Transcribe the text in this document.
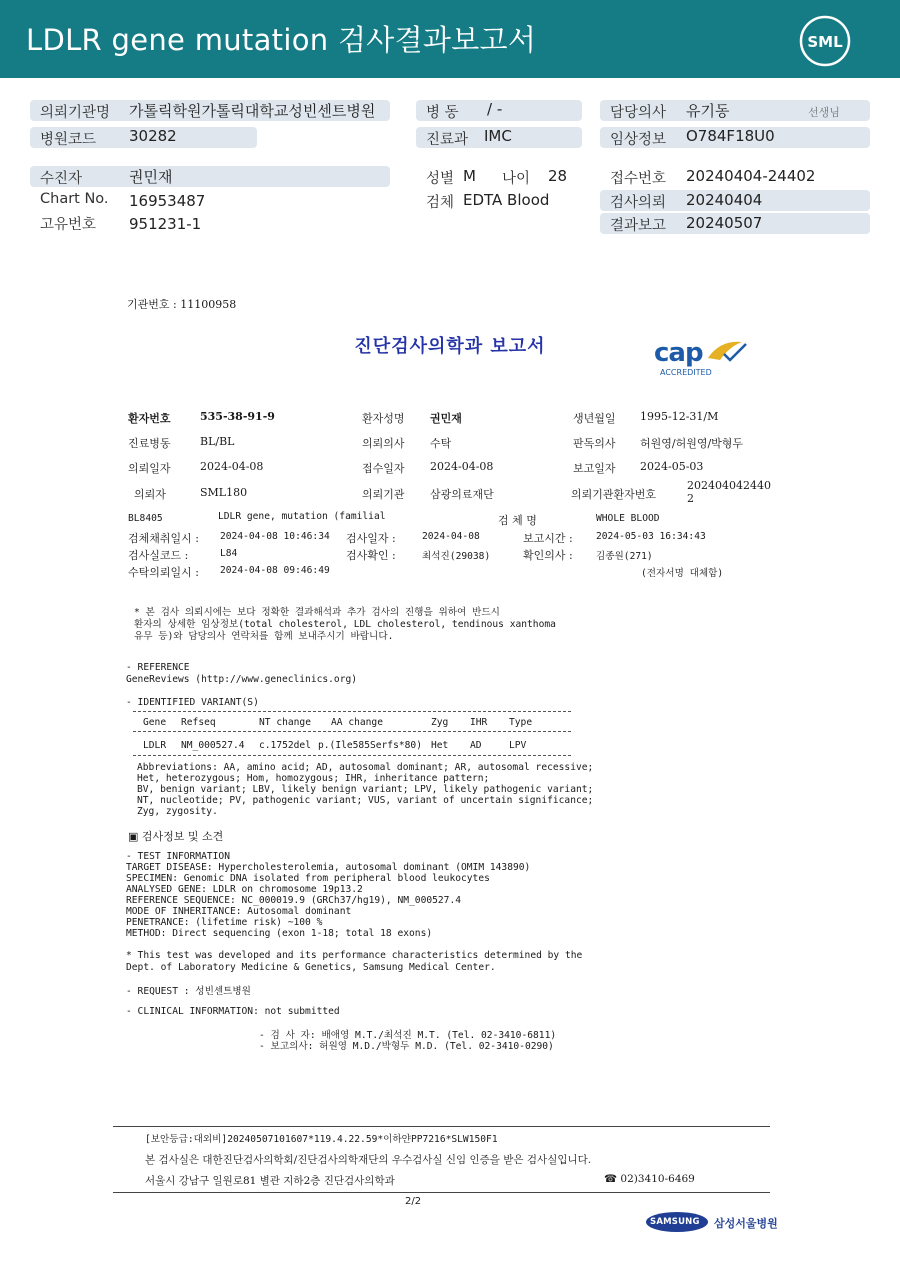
LDLR gene mutation 검사결과보고서	SML
의뢰기관명 가톨릭학원가톨릭대학교성빈센트병원	병 동 / -	담당의사 유기동	선생님
병원코드 30282	진료과 IMC	임상정보 O784F18U0
수진자	권민재	성별 M 나이 28	접수번호 20240404-24402
Chart No. 16953487	검체 EDTA Blood	검사의뢰 20240404
고유번호 951231-1	결과보고 20240507
기관번호 : 11100958
진단검사의학과 보고서	cap
ACCREDITED
환자번호	535-38-91-9	환자성명 권민재	생년월일 1995-12-31/M
진료병동	BL/BL	의뢰의사 수탁	판독의사 허원영/허원영/박형두
의뢰일자	2024-04-08	접수일자 2024-04-08	보고일자 2024-05-03
의뢰자	SML180	의뢰기관 삼광의료재단	의뢰기관환자번호
202404042440
2
BL8405	LDLR gene, mutation (familial	검 체 명	WHOLE BLOOD
검체채취일시 : 2024-04-08 10:46:34 검사일자 :	2024-04-08	보고시간 : 2024-05-03 16:34:43
검사실코드 :	L84	검사확인 :	최석진(29038)	확인의사 : 김종원(271)
수탁의뢰일시 : 2024-04-08 09:46:49	(전자서명 대체함)
* 본 검사 의뢰시에는 보다 정확한 결과해석과 추가 검사의 진행을 위하여 반드시
환자의 상세한 임상정보(total cholesterol, LDL cholesterol, tendinous xanthoma
유무 등)와 담당의사 연락처를 함께 보내주시기 바랍니다.
- REFERENCE
GeneReviews (http://www.geneclinics.org)
- IDENTIFIED VARIANT(S)
Gene Refseq	NT change AA change	Zyg IHR Type
LDLR NM_000527.4 c.1752del p.(Ile585Serfs*80) Het AD	LPV
Abbreviations: AA, amino acid; AD, autosomal dominant; AR, autosomal recessive;
Het, heterozygous; Hom, homozygous; IHR, inheritance pattern;
BV, benign variant; LBV, likely benign variant; LPV, likely pathogenic variant;
NT, nucleotide; PV, pathogenic variant; VUS, variant of uncertain significance;
Zyg, zygosity.
▣ 검사정보 및 소견
- TEST INFORMATION
TARGET DISEASE: Hypercholesterolemia, autosomal dominant (OMIM 143890)
SPECIMEN: Genomic DNA isolated from peripheral blood leukocytes
ANALYSED GENE: LDLR on chromosome 19p13.2
REFERENCE SEQUENCE: NC_000019.9 (GRCh37/hg19), NM_000527.4
MODE OF INHERITANCE: Autosomal dominant
PENETRANCE: (lifetime risk) ~100 %
METHOD: Direct sequencing (exon 1-18; total 18 exons)
* This test was developed and its performance characteristics determined by the
Dept. of Laboratory Medicine & Genetics, Samsung Medical Center.
- REQUEST : 성빈센트병원
- CLINICAL INFORMATION: not submitted
- 검 사 자: 배애영 M.T./최석진 M.T. (Tel. 02-3410-6811)
- 보고의사: 허원영 M.D./박형두 M.D. (Tel. 02-3410-0290)
[보안등급:대외비]20240507101607*119.4.22.59*이하얀PP7216*SLW150F1
본 검사실은 대한진단검사의학회/진단검사의학재단의 우수검사실 신임 인증을 받은 검사실입니다.
서울시 강남구 일원로81 별관 지하2층 진단검사의학과	☎ 02)3410-6469
2/2
SAMSUNG 삼성서울병원
